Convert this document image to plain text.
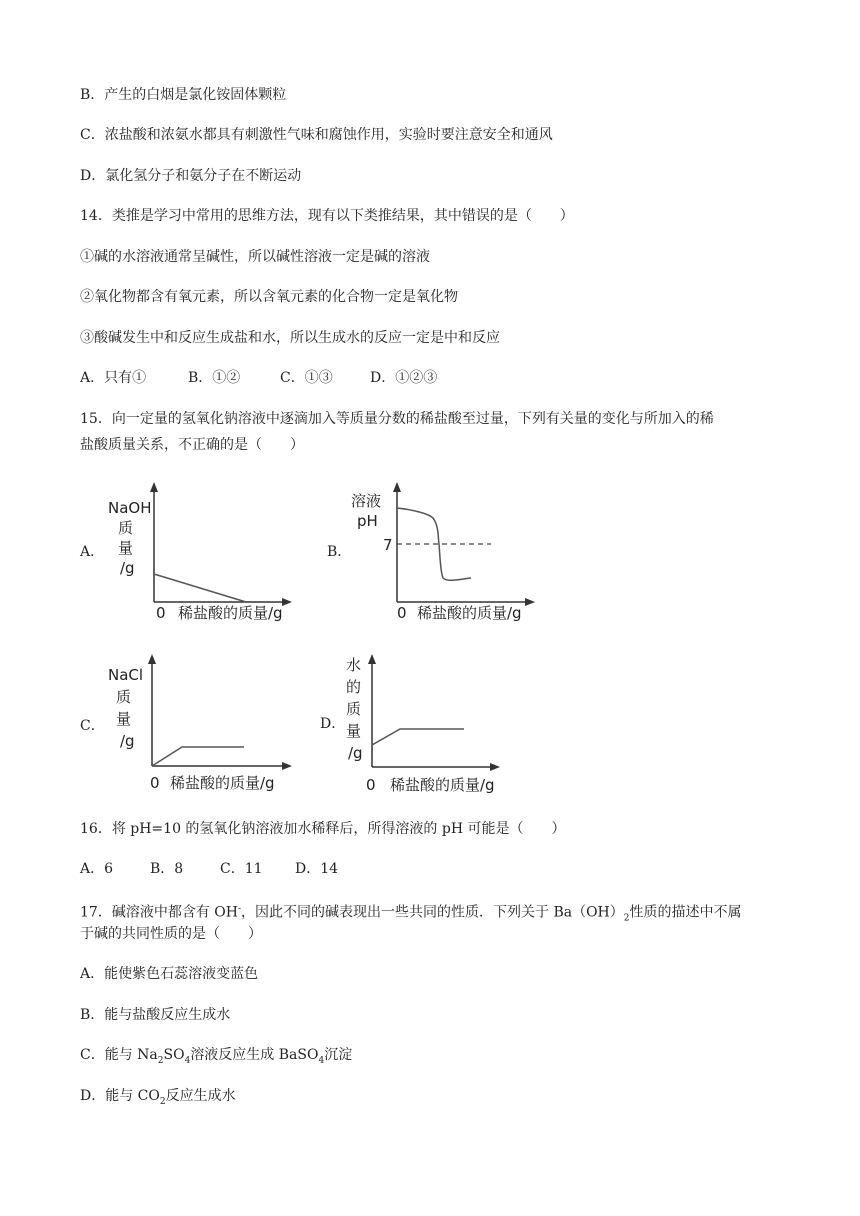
B．产生的白烟是氯化铵固体颗粒
C．浓盐酸和浓氨水都具有刺激性气味和腐蚀作用，实验时要注意安全和通风
D．氯化氢分子和氨分子在不断运动
14．类推是学习中常用的思维方法，现有以下类推结果，其中错误的是（　　）
①碱的水溶液通常呈碱性，所以碱性溶液一定是碱的溶液
②氧化物都含有氧元素，所以含氧元素的化合物一定是氧化物
③酸碱发生中和反应生成盐和水，所以生成水的反应一定是中和反应
A．只有①	B．①②	C．①③	D．①②③
15．向一定量的氢氧化钠溶液中逐滴加入等质量分数的稀盐酸至过量，下列有关量的变化与所加入的稀
盐酸质量关系，不正确的是（　　）
A．
NaOH
质
量
/g
0 稀盐酸的质量/g
B．
溶液
pH
7
0 稀盐酸的质量/g
C．
NaCl
质
量
/g
0 稀盐酸的质量/g
D．
水
的
质
量
/g
0 稀盐酸的质量/g
16．将 pH=10 的氢氧化钠溶液加水稀释后，所得溶液的 pH 可能是（　　）
A．6	B．8	C．11 D．14
17．碱溶液中都含有 OH-，因此不同的碱表现出一些共同的性质．下列关于 $Ba(OH)_2$性质的描述中不属
于碱的共同性质的是（　　）
A．能使紫色石蕊溶液变蓝色
B．能与盐酸反应生成水
C．能与 $Na_2SO_4$溶液反应生成 BaSO$_4$沉淀
D．能与 $CO_2$反应生成水
